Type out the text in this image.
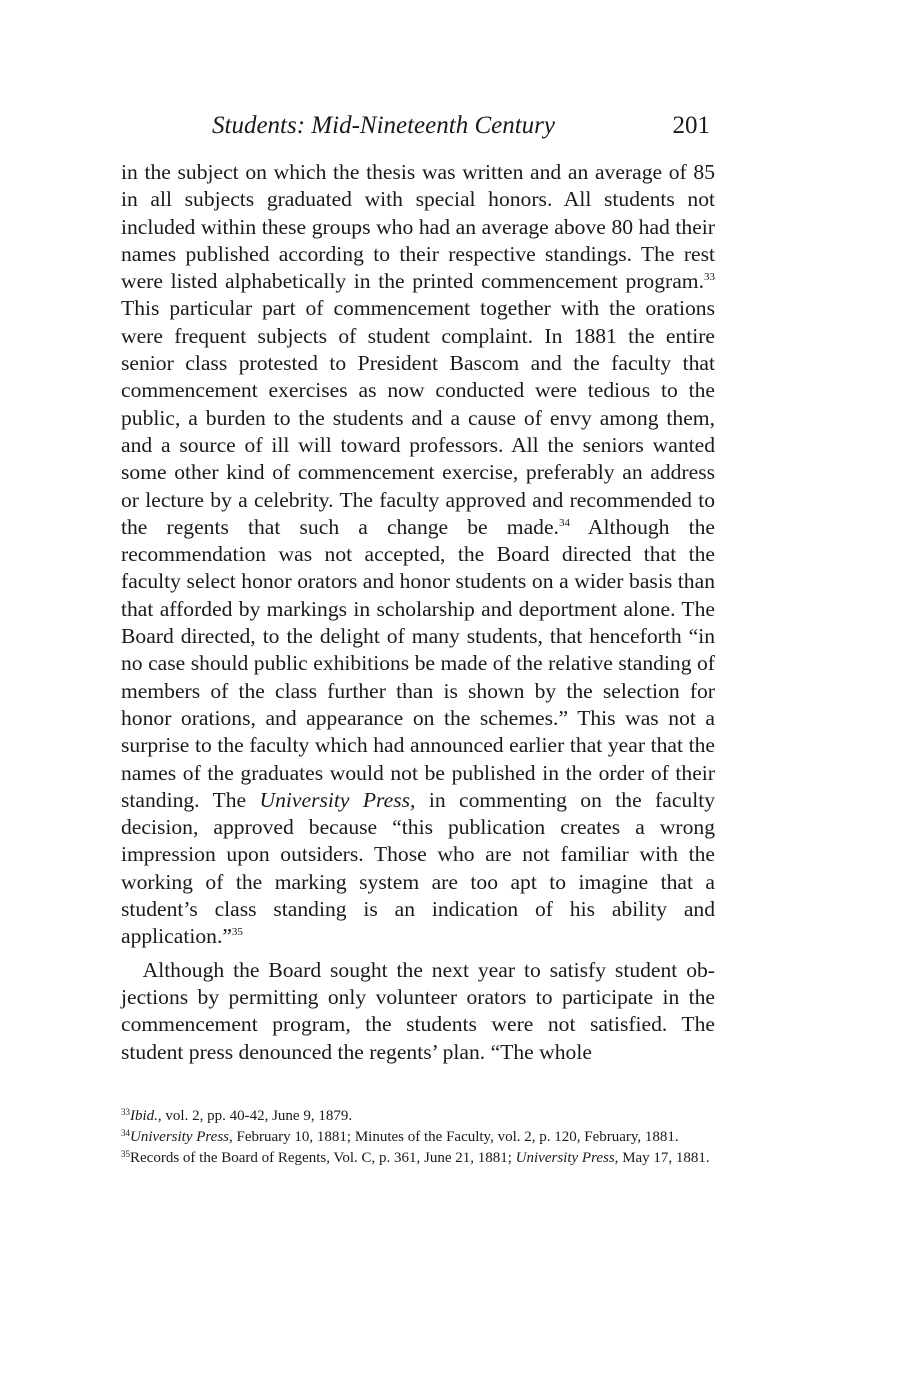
Students: Mid-Nineteenth Century	201

in the subject on which the thesis was written and an average of 85 in all subjects graduated with special honors. All students not included within these groups who had an average above 80 had their names published according to their respective standings. The rest were listed alphabetically in the printed commencement program.$^{33}$ This particular part of commencement together with the orations were frequent subjects of student complaint. In 1881 the entire senior class protested to President Bascom and the faculty that commencement exercises as now conducted were tedious to the public, a burden to the students and a cause of envy among them, and a source of ill will toward professors. All the seniors wanted some other kind of commencement exercise, preferably an address or lecture by a celebrity. The faculty approved and recommended to the regents that such a change be made.$^{34}$ Although the recommendation was not accepted, the Board directed that the faculty select honor orators and honor students on a wider basis than that afforded by markings in scholarship and deportment alone. The Board directed, to the delight of many students, that henceforth “in no case should public exhibitions be made of the relative standing of members of the class further than is shown by the selection for honor orations, and appearance on the schemes.” This was not a surprise to the faculty which had announced earlier that year that the names of the graduates would not be published in the order of their standing. The University Press, in commenting on the faculty decision, approved because “this publication creates a wrong impression upon outsiders. Those who are not familiar with the working of the marking system are too apt to imagine that a student’s class standing is an indication of his ability and application.”$^{35}$

 Although the Board sought the next year to satisfy student objections by permitting only volunteer orators to participate in the commencement program, the students were not satisfied. The student press denounced the regents’ plan. “The whole

$^{33}$Ibid., vol. 2, pp. 40-42, June 9, 1879.

$^{34}$University Press, February 10, 1881; Minutes of the Faculty, vol. 2, p. 120, February, 1881.

$^{35}$Records of the Board of Regents, Vol. C, p. 361, June 21, 1881; University Press, May 17, 1881.
